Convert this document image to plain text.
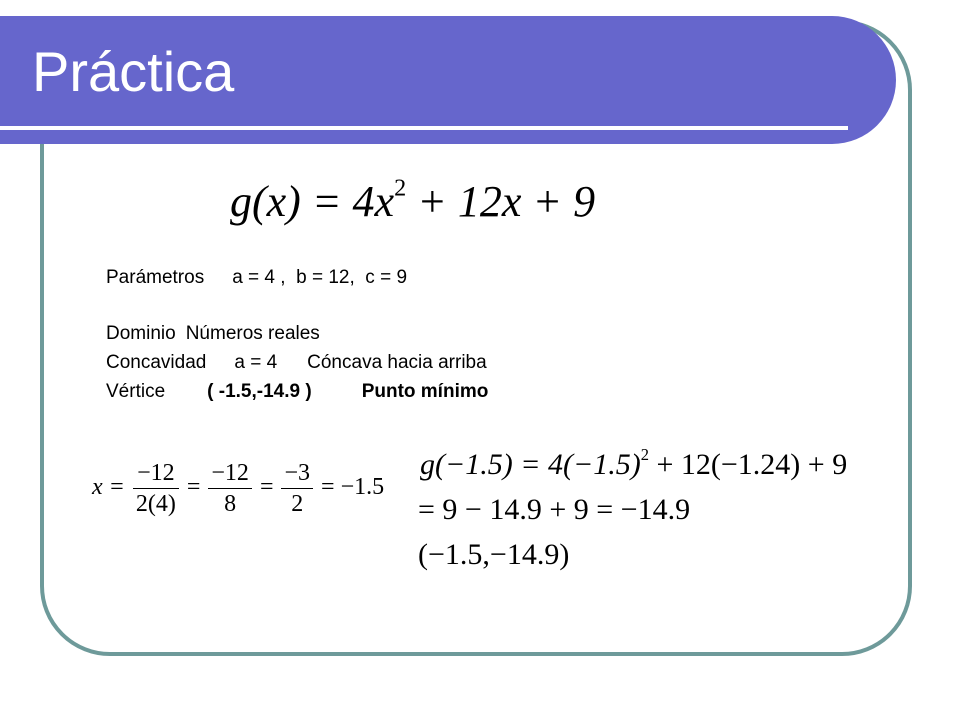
Práctica
$g(x) = 4x^2 + 12x + 9$
Parámetros a = 4 ,  b = 12,  c = 9
Dominio Números reales
Concavidad a = 4 Cóncava hacia arriba
Vértice ( -1.5,-14.9 )	Punto mínimo
$x = \frac{-12}{2(4)} = \frac{-12}{8} = \frac{-3}{2} = -1.5$
$g(-1.5) = 4(-1.5)^2 + 12(-1.24) + 9$
= 9 − 14.9 + 9 = −14.9
(−1.5,−14.9)
